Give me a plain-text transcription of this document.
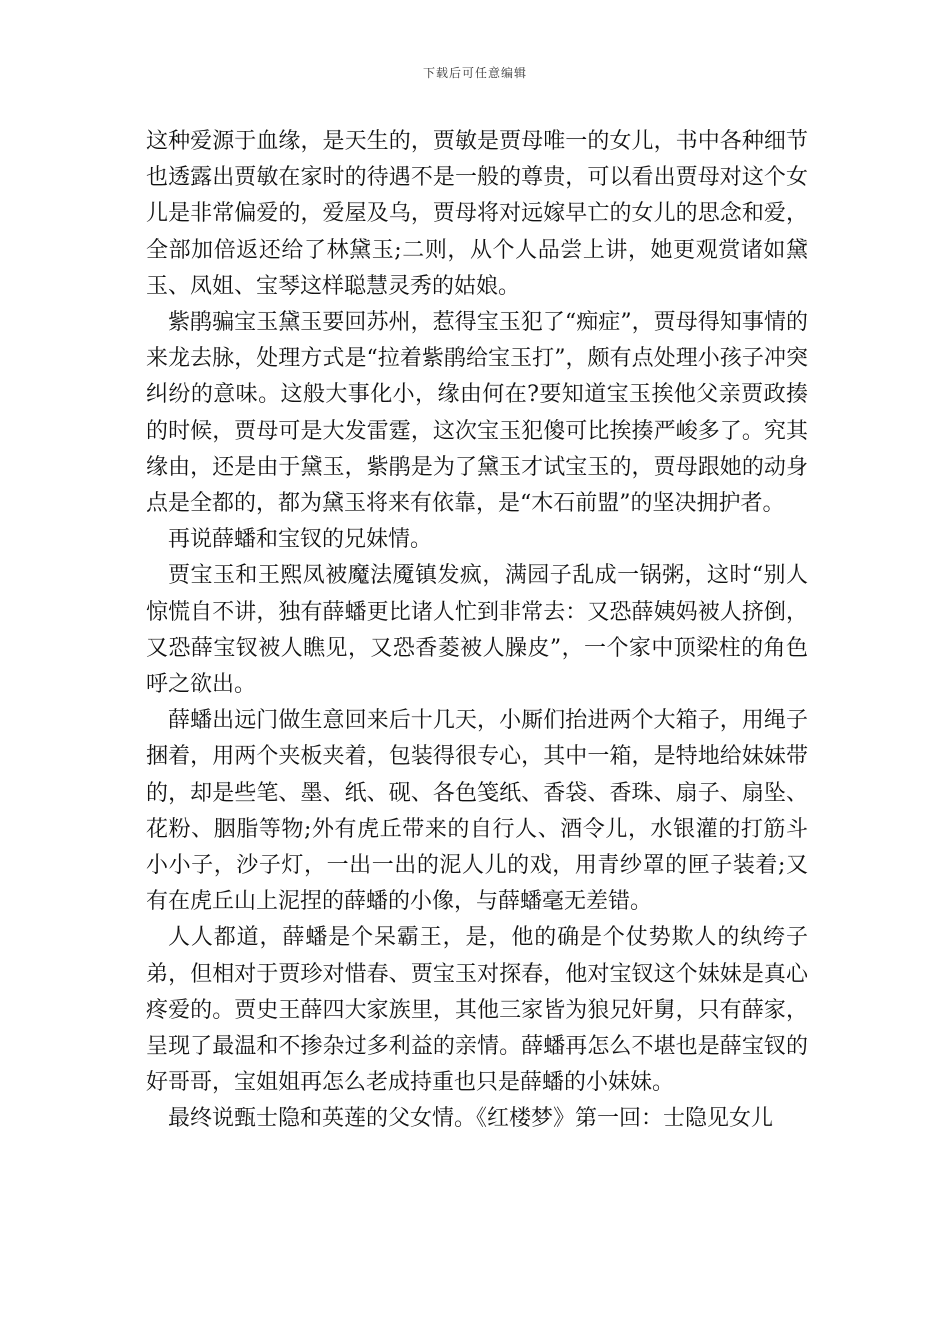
下载后可任意编辑

这种爱源于血缘，是天生的，贾敏是贾母唯一的女儿，书中各种细节也透露出贾敏在家时的待遇不是一般的尊贵，可以看出贾母对这个女儿是非常偏爱的，爱屋及乌，贾母将对远嫁早亡的女儿的思念和爱，全部加倍返还给了林黛玉;二则，从个人品尝上讲，她更观赏诸如黛玉、凤姐、宝琴这样聪慧灵秀的姑娘。

紫鹃骗宝玉黛玉要回苏州，惹得宝玉犯了“痴症”，贾母得知事情的来龙去脉，处理方式是“拉着紫鹃给宝玉打”，颇有点处理小孩子冲突纠纷的意味。这般大事化小，缘由何在?要知道宝玉挨他父亲贾政揍的时候，贾母可是大发雷霆，这次宝玉犯傻可比挨揍严峻多了。究其缘由，还是由于黛玉，紫鹃是为了黛玉才试宝玉的，贾母跟她的动身点是全都的，都为黛玉将来有依靠，是“木石前盟”的坚决拥护者。

再说薛蟠和宝钗的兄妹情。

贾宝玉和王熙凤被魔法魇镇发疯，满园子乱成一锅粥，这时“别人惊慌自不讲，独有薛蟠更比诸人忙到非常去：又恐薛姨妈被人挤倒，又恐薛宝钗被人瞧见，又恐香菱被人臊皮”，一个家中顶梁柱的角色呼之欲出。

薛蟠出远门做生意回来后十几天，小厮们抬进两个大箱子，用绳子捆着，用两个夹板夹着，包装得很专心，其中一箱，是特地给妹妹带的，却是些笔、墨、纸、砚、各色笺纸、香袋、香珠、扇子、扇坠、花粉、胭脂等物;外有虎丘带来的自行人、酒令儿，水银灌的打筋斗小小子，沙子灯，一出一出的泥人儿的戏，用青纱罩的匣子装着;又有在虎丘山上泥捏的薛蟠的小像，与薛蟠毫无差错。

人人都道，薛蟠是个呆霸王，是，他的确是个仗势欺人的纨绔子弟，但相对于贾珍对惜春、贾宝玉对探春，他对宝钗这个妹妹是真心疼爱的。贾史王薛四大家族里，其他三家皆为狼兄奸舅，只有薛家，呈现了最温和不掺杂过多利益的亲情。薛蟠再怎么不堪也是薛宝钗的好哥哥，宝姐姐再怎么老成持重也只是薛蟠的小妹妹。

最终说甄士隐和英莲的父女情。《红楼梦》第一回：士隐见女儿
